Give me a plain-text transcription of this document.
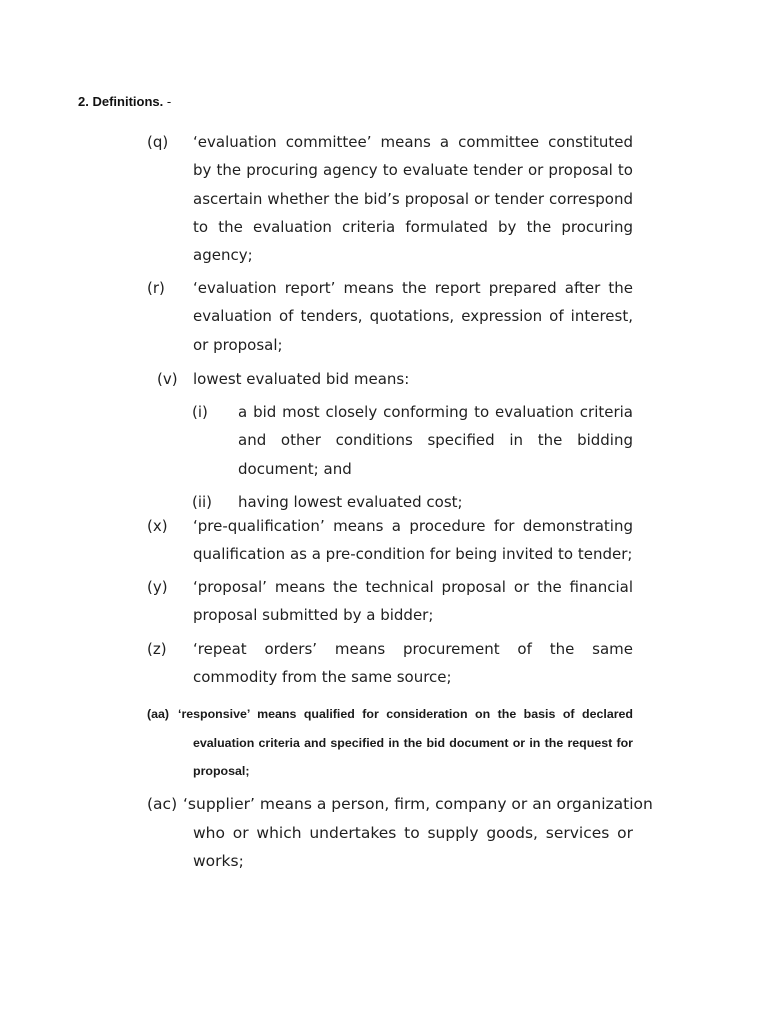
2. Definitions. -
(q) ‘evaluation committee’ means a committee constituted by the procuring agency to evaluate tender or proposal to ascertain whether the bid’s proposal or tender correspond to the evaluation criteria formulated by the procuring agency;
(r) ‘evaluation report’ means the report prepared after the evaluation of tenders, quotations, expression of interest, or proposal;
(v) lowest evaluated bid means:
(i) a bid most closely conforming to evaluation criteria and other conditions specified in the bidding document; and
(ii) having lowest evaluated cost;
(x) ‘pre-qualification’ means a procedure for demonstrating qualification as a pre-condition for being invited to tender;
(y) ‘proposal’ means the technical proposal or the financial proposal submitted by a bidder;
(z) ‘repeat orders’ means procurement of the same commodity from the same source;
(aa) ‘responsive’ means qualified for consideration on the basis of declared
evaluation criteria and specified in the bid document or in the request for proposal;
(ac) ‘supplier’ means a person, firm, company or an organization
who or which undertakes to supply goods, services or works;
